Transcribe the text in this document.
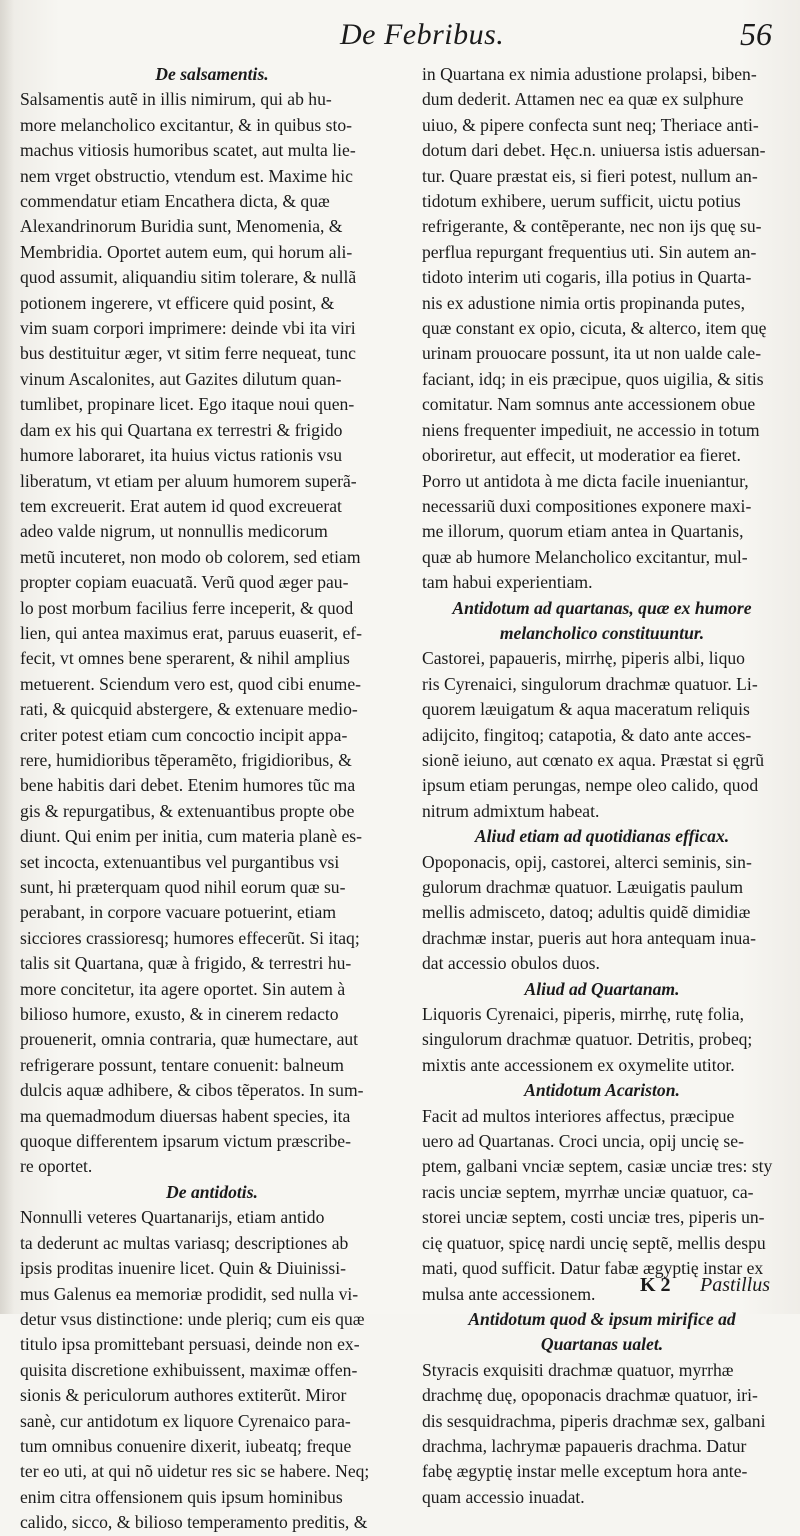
De Febribus.	56
De salsamentis.
Salsamentis autẽ in illis nimirum, qui ab hu-
more melancholico excitantur, & in quibus sto-
machus vitiosis humoribus scatet, aut multa lie-
nem vrget obstructio, vtendum est. Maxime hic
commendatur etiam Encathera dicta, & quæ
Alexandrinorum Buridia sunt, Menomenia, &
Membridia. Oportet autem eum, qui horum ali-
quod assumit, aliquandiu sitim tolerare, & nullã
potionem ingerere, vt efficere quid posint, &
vim suam corpori imprimere: deinde vbi ita viri
bus destituitur æger, vt sitim ferre nequeat, tunc
vinum Ascalonites, aut Gazites dilutum quan-
tumlibet, propinare licet. Ego itaque noui quen-
dam ex his qui Quartana ex terrestri & frigido
humore laboraret, ita huius victus rationis vsu
liberatum, vt etiam per aluum humorem superã-
tem excreuerit. Erat autem id quod excreuerat
adeo valde nigrum, ut nonnullis medicorum
metũ incuteret, non modo ob colorem, sed etiam
propter copiam euacuatã. Verũ quod æger pau-
lo post morbum facilius ferre inceperit, & quod
lien, qui antea maximus erat, paruus euaserit, ef-
fecit, vt omnes bene sperarent, & nihil amplius
metuerent. Sciendum vero est, quod cibi enume-
rati, & quicquid abstergere, & extenuare medio-
criter potest etiam cum concoctio incipit appa-
rere, humidioribus tẽperamẽto, frigidioribus, &
bene habitis dari debet. Etenim humores tũc ma
gis & repurgatibus, & extenuantibus propte obe
diunt. Qui enim per initia, cum materia planè es-
set incocta, extenuantibus vel purgantibus vsi
sunt, hi præterquam quod nihil eorum quæ su-
perabant, in corpore vacuare potuerint, etiam
sicciores crassioresq; humores effecerũt. Si itaq;
talis sit Quartana, quæ à frigido, & terrestri hu-
more concitetur, ita agere oportet. Sin autem à
bilioso humore, exusto, & in cinerem redacto
prouenerit, omnia contraria, quæ humectare, aut
refrigerare possunt, tentare conuenit: balneum
dulcis aquæ adhibere, & cibos tẽperatos. In sum-
ma quemadmodum diuersas habent species, ita
quoque differentem ipsarum victum præscribe-
re oportet.
De antidotis.
Nonnulli veteres Quartanarijs, etiam antido
ta dederunt ac multas variasq; descriptiones ab
ipsis proditas inuenire licet. Quin & Diuinissi-
mus Galenus ea memoriæ prodidit, sed nulla vi-
detur vsus distinctione: unde pleriq; cum eis quæ
titulo ipsa promittebant persuasi, deinde non ex-
quisita discretione exhibuissent, maximæ offen-
sionis & periculorum authores extiterũt. Miror
sanè, cur antidotum ex liquore Cyrenaico para-
tum omnibus conuenire dixerit, iubeatq; freque
ter eo uti, at qui nõ uidetur res sic se habere. Neq;
enim citra offensionem quis ipsum hominibus
calido, sicco, & bilioso temperamento preditis, &
in Quartana ex nimia adustione prolapsi, biben-
dum dederit. Attamen nec ea quæ ex sulphure
uiuo, & pipere confecta sunt neq; Theriace anti-
dotum dari debet. Hęc.n. uniuersa istis aduersan-
tur. Quare præstat eis, si fieri potest, nullum an-
tidotum exhibere, uerum sufficit, uictu potius
refrigerante, & contẽperante, nec non ijs quę su-
perflua repurgant frequentius uti. Sin autem an-
tidoto interim uti cogaris, illa potius in Quarta-
nis ex adustione nimia ortis propinanda putes,
quæ constant ex opio, cicuta, & alterco, item quę
urinam prouocare possunt, ita ut non ualde cale-
faciant, idq; in eis præcipue, quos uigilia, & sitis
comitatur. Nam somnus ante accessionem obue
niens frequenter impediuit, ne accessio in totum
oboriretur, aut effecit, ut moderatior ea fieret.
Porro ut antidota à me dicta facile inueniantur,
necessariũ duxi compositiones exponere maxi-
me illorum, quorum etiam antea in Quartanis,
quæ ab humore Melancholico excitantur, mul-
tam habui experientiam.
Antidotum ad quartanas, quæ ex humore
melancholico constituuntur.
Castorei, papaueris, mirrhę, piperis albi, liquo
ris Cyrenaici, singulorum drachmæ quatuor. Li-
quorem læuigatum & aqua maceratum reliquis
adijcito, fingitoq; catapotia, & dato ante acces-
sionẽ ieiuno, aut cœnato ex aqua. Præstat si ęgrũ
ipsum etiam perungas, nempe oleo calido, quod
nitrum admixtum habeat.
Aliud etiam ad quotidianas efficax.
Opoponacis, opij, castorei, alterci seminis, sin-
gulorum drachmæ quatuor. Læuigatis paulum
mellis admisceto, datoq; adultis quidẽ dimidiæ
drachmæ instar, pueris aut hora antequam inua-
dat accessio obulos duos.
Aliud ad Quartanam.
Liquoris Cyrenaici, piperis, mirrhę, rutę folia,
singulorum drachmæ quatuor. Detritis, probeq;
mixtis ante accessionem ex oxymelite utitor.
Antidotum Acariston.
Facit ad multos interiores affectus, præcipue
uero ad Quartanas. Croci uncia, opij uncię se-
ptem, galbani vnciæ septem, casiæ unciæ tres: sty
racis unciæ septem, myrrhæ unciæ quatuor, ca-
storei unciæ septem, costi unciæ tres, piperis un-
cię quatuor, spicę nardi uncię septẽ, mellis despu
mati, quod sufficit. Datur fabæ ægyptię instar ex
mulsa ante accessionem.
Antidotum quod & ipsum mirifice ad
Quartanas ualet.
Styracis exquisiti drachmæ quatuor, myrrhæ
drachmę duę, opoponacis drachmæ quatuor, iri-
dis sesquidrachma, piperis drachmæ sex, galbani
drachma, lachrymæ papaueris drachma. Datur
fabę ægyptię instar melle exceptum hora ante-
quam accessio inuadat.
K 2 Pastillus
